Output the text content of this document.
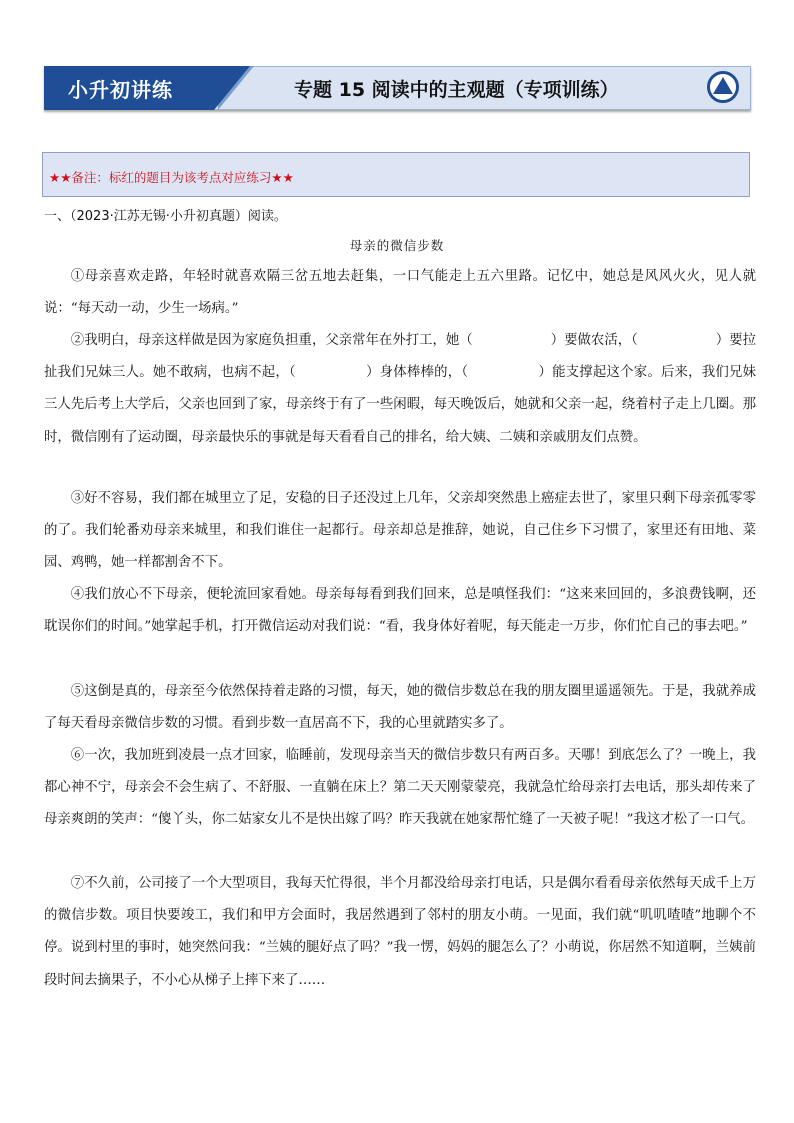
小升初讲练	专题 15 阅读中的主观题（专项训练）
★★备注：标红的题目为该考点对应练习★★
一、（2023·江苏无锡·小升初真题）阅读。
母亲的微信步数

①母亲喜欢走路，年轻时就喜欢隔三岔五地去赶集，一口气能走上五六里路。记忆中，她总是风风火火，见人就说：“每天动一动，少生一场病。”

②我明白，母亲这样做是因为家庭负担重，父亲常年在外打工，她（	）要做农活，（	）要拉扯我们兄妹三人。她不敢病，也病不起，（	）身体棒棒的，（	）能支撑起这个家。后来，我们兄妹三人先后考上大学后，父亲也回到了家，母亲终于有了一些闲暇，每天晚饭后，她就和父亲一起，绕着村子走上几圈。那时，微信刚有了运动圈，母亲最快乐的事就是每天看看自己的排名，给大姨、二姨和亲戚朋友们点赞。

③好不容易，我们都在城里立了足，安稳的日子还没过上几年，父亲却突然患上癌症去世了，家里只剩下母亲孤零零的了。我们轮番劝母亲来城里，和我们谁住一起都行。母亲却总是推辞，她说，自己住乡下习惯了，家里还有田地、菜园、鸡鸭，她一样都割舍不下。

④我们放心不下母亲，便轮流回家看她。母亲每每看到我们回来，总是嗔怪我们：“这来来回回的，多浪费钱啊，还耽误你们的时间。”她掌起手机，打开微信运动对我们说：“看，我身体好着呢，每天能走一万步，你们忙自己的事去吧。”

⑤这倒是真的，母亲至今依然保持着走路的习惯，每天，她的微信步数总在我的朋友圈里遥遥领先。于是，我就养成了每天看母亲微信步数的习惯。看到步数一直居高不下，我的心里就踏实多了。

⑥一次，我加班到凌晨一点才回家，临睡前，发现母亲当天的微信步数只有两百多。天哪！到底怎么了？一晚上，我都心神不宁，母亲会不会生病了、不舒服、一直躺在床上？第二天天刚蒙蒙亮，我就急忙给母亲打去电话，那头却传来了母亲爽朗的笑声：“傻丫头，你二姑家女儿不是快出嫁了吗？昨天我就在她家帮忙缝了一天被子呢！”我这才松了一口气。

⑦不久前，公司接了一个大型项目，我每天忙得很，半个月都没给母亲打电话，只是偶尔看看母亲依然每天成千上万的微信步数。项目快要竣工，我们和甲方会面时，我居然遇到了邻村的朋友小萌。一见面，我们就“叽叽喳喳”地聊个不停。说到村里的事时，她突然问我：“兰姨的腿好点了吗？”我一愣，妈妈的腿怎么了？小萌说，你居然不知道啊，兰姨前段时间去摘果子，不小心从梯子上摔下来了……
